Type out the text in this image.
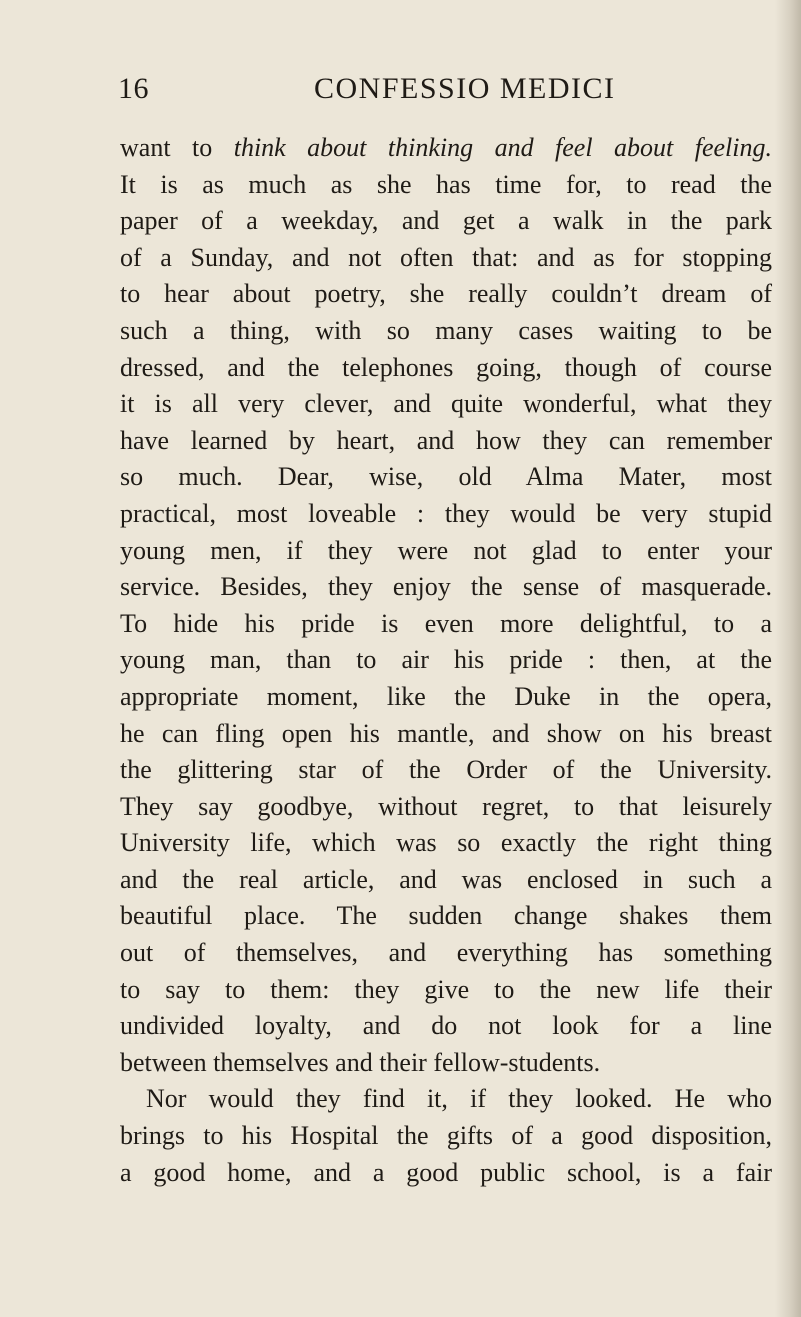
16	CONFESSIO MEDICI
want to think about thinking and feel about feeling.
It is as much as she has time for, to read the
paper of a weekday, and get a walk in the park
of a Sunday, and not often that: and as for stopping
to hear about poetry, she really couldn’t dream of
such a thing, with so many cases waiting to be
dressed, and the telephones going, though of course
it is all very clever, and quite wonderful, what they
have learned by heart, and how they can remember
so much. Dear, wise, old Alma Mater, most
practical, most loveable : they would be very stupid
young men, if they were not glad to enter your
service. Besides, they enjoy the sense of masquerade.
To hide his pride is even more delightful, to a
young man, than to air his pride : then, at the
appropriate moment, like the Duke in the opera,
he can fling open his mantle, and show on his breast
the glittering star of the Order of the University.
They say goodbye, without regret, to that leisurely
University life, which was so exactly the right thing
and the real article, and was enclosed in such a
beautiful place. The sudden change shakes them
out of themselves, and everything has something
to say to them: they give to the new life their
undivided loyalty, and do not look for a line
between themselves and their fellow-students.
Nor would they find it, if they looked. He who
brings to his Hospital the gifts of a good disposition,
a good home, and a good public school, is a fair
